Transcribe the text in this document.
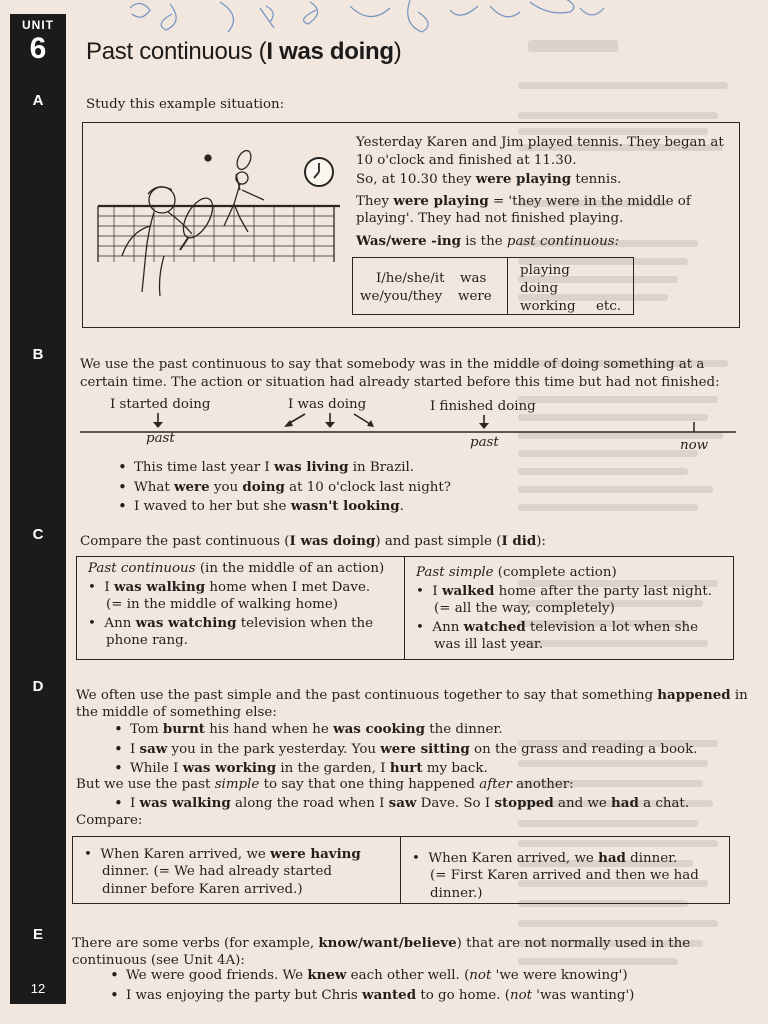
UNIT
6
A
B
C
D
E
12
Past continuous (I was doing)
Study this example situation:
Yesterday Karen and Jim played tennis. They began at
10 o'clock and finished at 11.30.
So, at 10.30 they were playing tennis.
They were playing = 'they were in the middle of
playing'. They had not finished playing.
Was/were -ing is the past continuous:
I/he/she/it was
we/you/they were
playing
doing
working etc.
We use the past continuous to say that somebody was in the middle of doing something at a
certain time. The action or situation had already started before this time but had not finished:
I started doing	I was doing	I finished doing
past	past	now
• This time last year I was living in Brazil.
• What were you doing at 10 o'clock last night?
• I waved to her but she wasn't looking.
Compare the past continuous (I was doing) and past simple (I did):
Past continuous (in the middle of an action)
•  I was walking home when I met Dave.
(= in the middle of walking home)
•  Ann was watching television when the
phone rang.
Past simple (complete action)
•  I walked home after the party last night.
(= all the way, completely)
•  Ann watched television a lot when she
was ill last year.
We often use the past simple and the past continuous together to say that something happened in
the middle of something else:
• Tom burnt his hand when he was cooking the dinner.
• I saw you in the park yesterday. You were sitting on the grass and reading a book.
• While I was working in the garden, I hurt my back.
But we use the past simple to say that one thing happened after another:
• I was walking along the road when I saw Dave. So I stopped and we had a chat.
Compare:
•  When Karen arrived, we were having
dinner. (= We had already started
dinner before Karen arrived.)
•  When Karen arrived, we had dinner.
(= First Karen arrived and then we had
dinner.)
There are some verbs (for example, know/want/believe) that are not normally used in the
continuous (see Unit 4A):
• We were good friends. We knew each other well. (not 'we were knowing')
• I was enjoying the party but Chris wanted to go home. (not 'was wanting')
